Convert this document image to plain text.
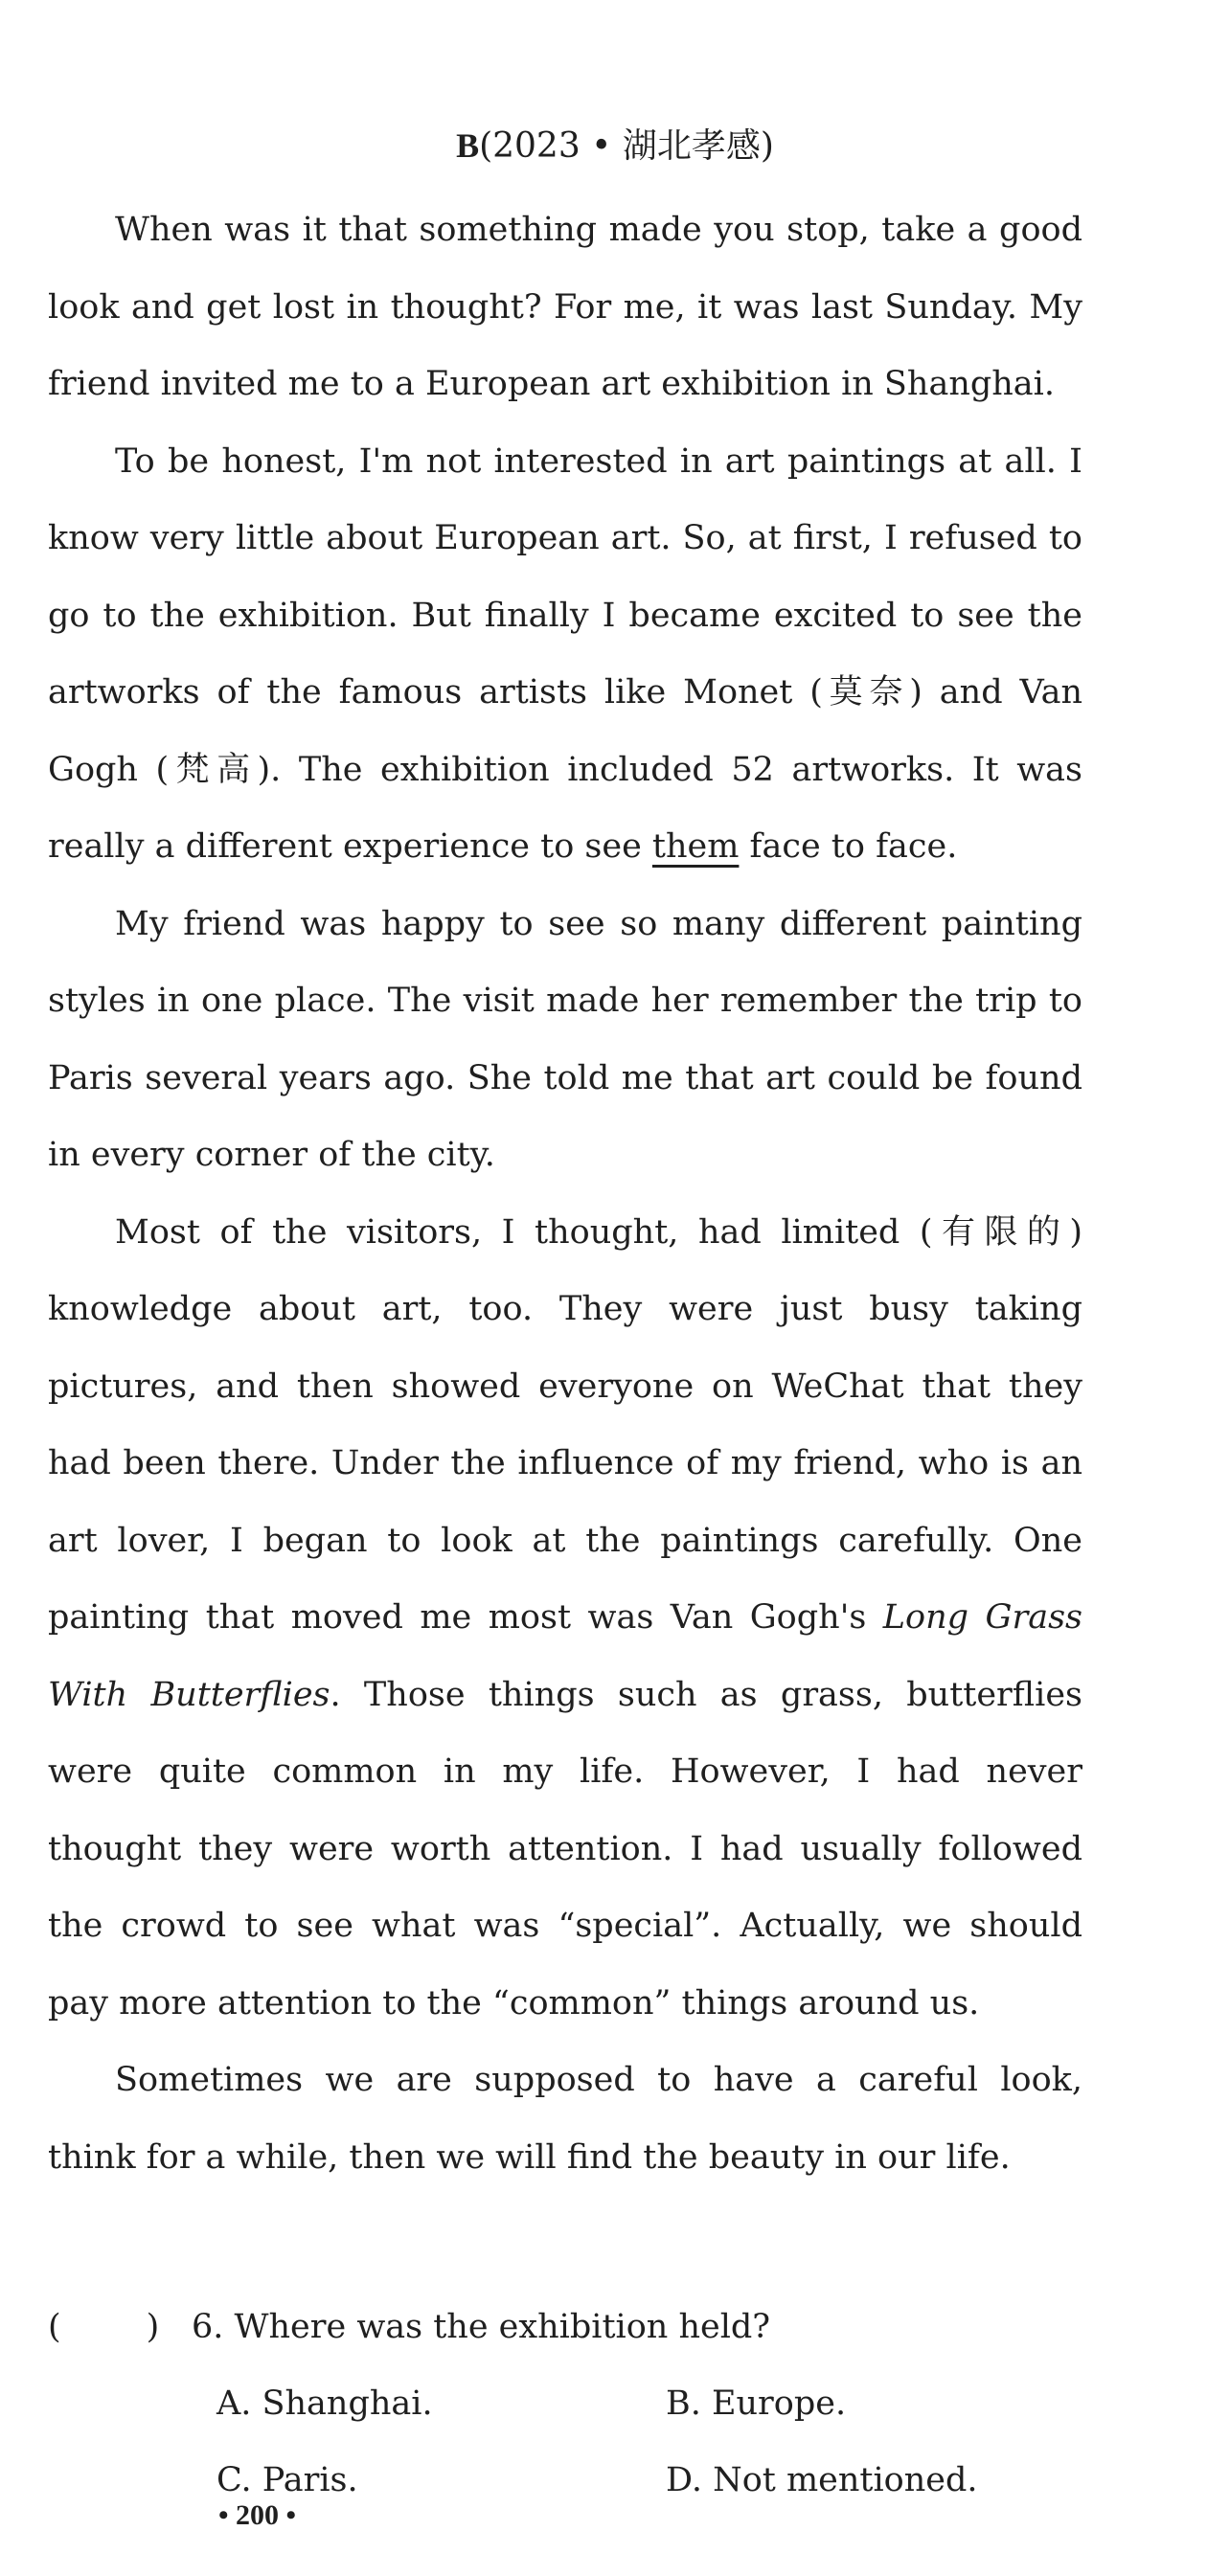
B(2023 • 湖北孝感)

When was it that something made you stop, take a good look and get lost in thought? For me, it was last Sunday. My friend invited me to a European art exhibition in Shanghai.

To be honest, I'm not interested in art paintings at all. I know very little about European art. So, at first, I refused to go to the exhibition. But finally I became excited to see the artworks of the famous artists like Monet (莫奈) and Van Gogh (梵高). The exhibition included 52 artworks. It was really a different experience to see them face to face.

My friend was happy to see so many different painting styles in one place. The visit made her remember the trip to Paris several years ago. She told me that art could be found in every corner of the city.

Most of the visitors, I thought, had limited (有限的) knowledge about art, too. They were just busy taking pictures, and then showed everyone on WeChat that they had been there. Under the influence of my friend, who is an art lover, I began to look at the paintings carefully. One painting that moved me most was Van Gogh's Long Grass With Butterflies. Those things such as grass, butterflies were quite common in my life. However, I had never thought they were worth attention. I had usually followed the crowd to see what was “special”. Actually, we should pay more attention to the “common” things around us.

Sometimes we are supposed to have a careful look, think for a while, then we will find the beauty in our life.

(        ) 6. Where was the exhibition held?
A. Shanghai.	B. Europe.
C. Paris.	D. Not mentioned.
• 200 •
